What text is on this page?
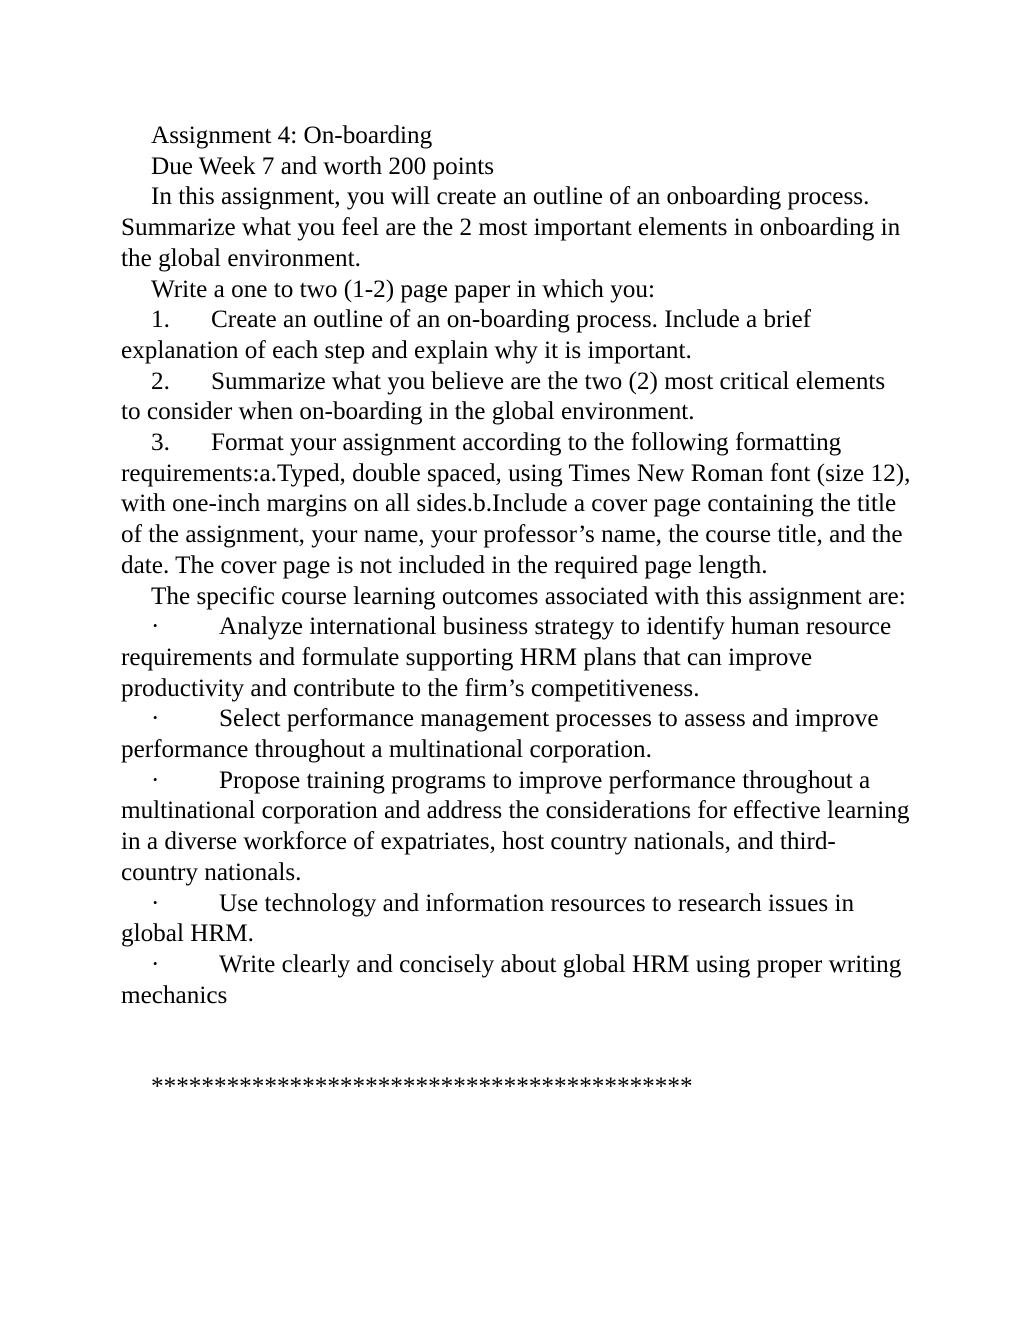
Assignment 4: On-boarding

Due Week 7 and worth 200 points

In this assignment, you will create an outline of an onboarding process. Summarize what you feel are the 2 most important elements in onboarding in the global environment.

Write a one to two (1-2) page paper in which you:

1. Create an outline of an on-boarding process. Include a brief explanation of each step and explain why it is important.

2. Summarize what you believe are the two (2) most critical elements to consider when on-boarding in the global environment.

3. Format your assignment according to the following formatting requirements:a.Typed, double spaced, using Times New Roman font (size 12), with one-inch margins on all sides.b.Include a cover page containing the title of the assignment, your name, your professor’s name, the course title, and the date. The cover page is not included in the required page length.

The specific course learning outcomes associated with this assignment are:

· Analyze international business strategy to identify human resource requirements and formulate supporting HRM plans that can improve productivity and contribute to the firm’s competitiveness.

· Select performance management processes to assess and improve performance throughout a multinational corporation.

· Propose training programs to improve performance throughout a multinational corporation and address the considerations for effective learning in a diverse workforce of expatriates, host country nationals, and third-country nationals.

· Use technology and information resources to research issues in global HRM.

· Write clearly and concisely about global HRM using proper writing mechanics

*******************************************
